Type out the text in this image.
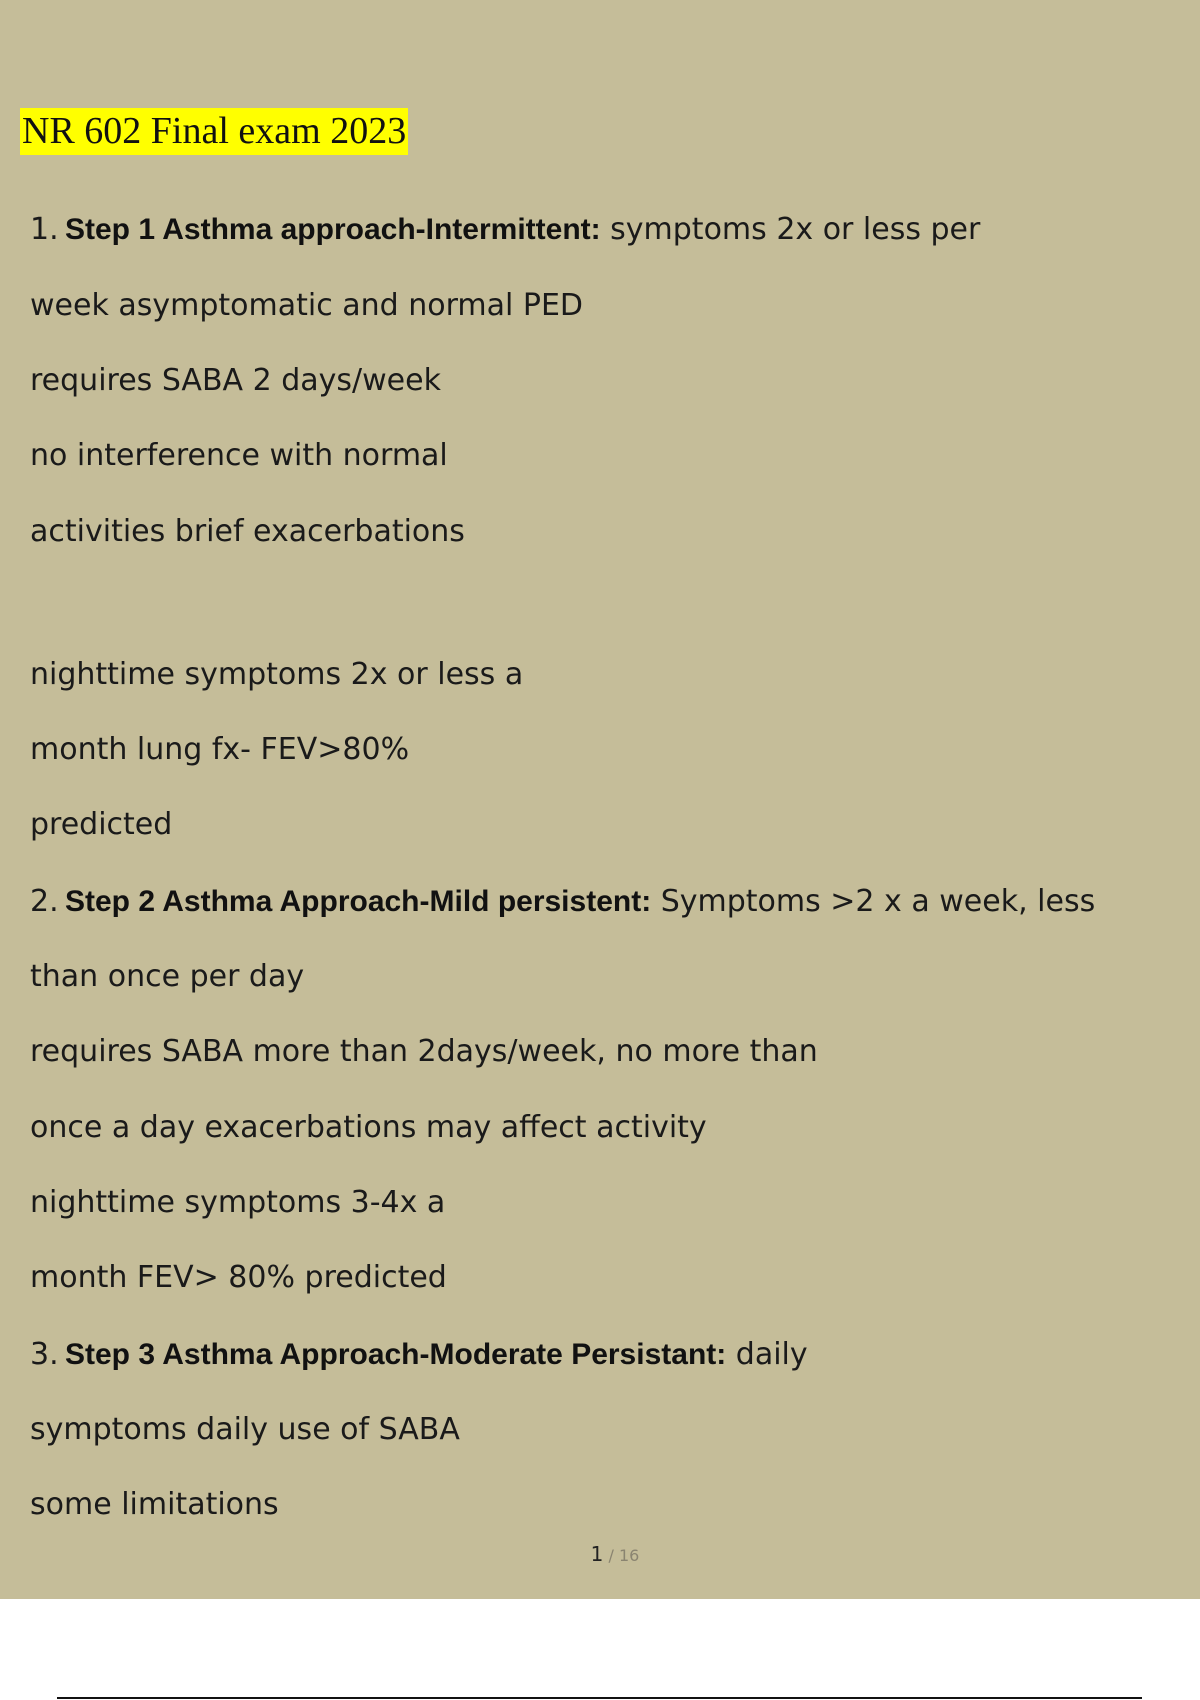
NR 602 Final exam 2023
1. Step 1 Asthma approach-Intermittent: symptoms 2x or less per
week asymptomatic and normal PED
requires SABA 2 days/week
no interference with normal
activities brief exacerbations
nighttime symptoms 2x or less a
month lung fx- FEV>80%
predicted
2. Step 2 Asthma Approach-Mild persistent: Symptoms >2 x a week, less
than once per day
requires SABA more than 2days/week, no more than
once a day exacerbations may affect activity
nighttime symptoms 3-4x a
month FEV> 80% predicted
3. Step 3 Asthma Approach-Moderate Persistant: daily
symptoms daily use of SABA
some limitations
1 / 16
